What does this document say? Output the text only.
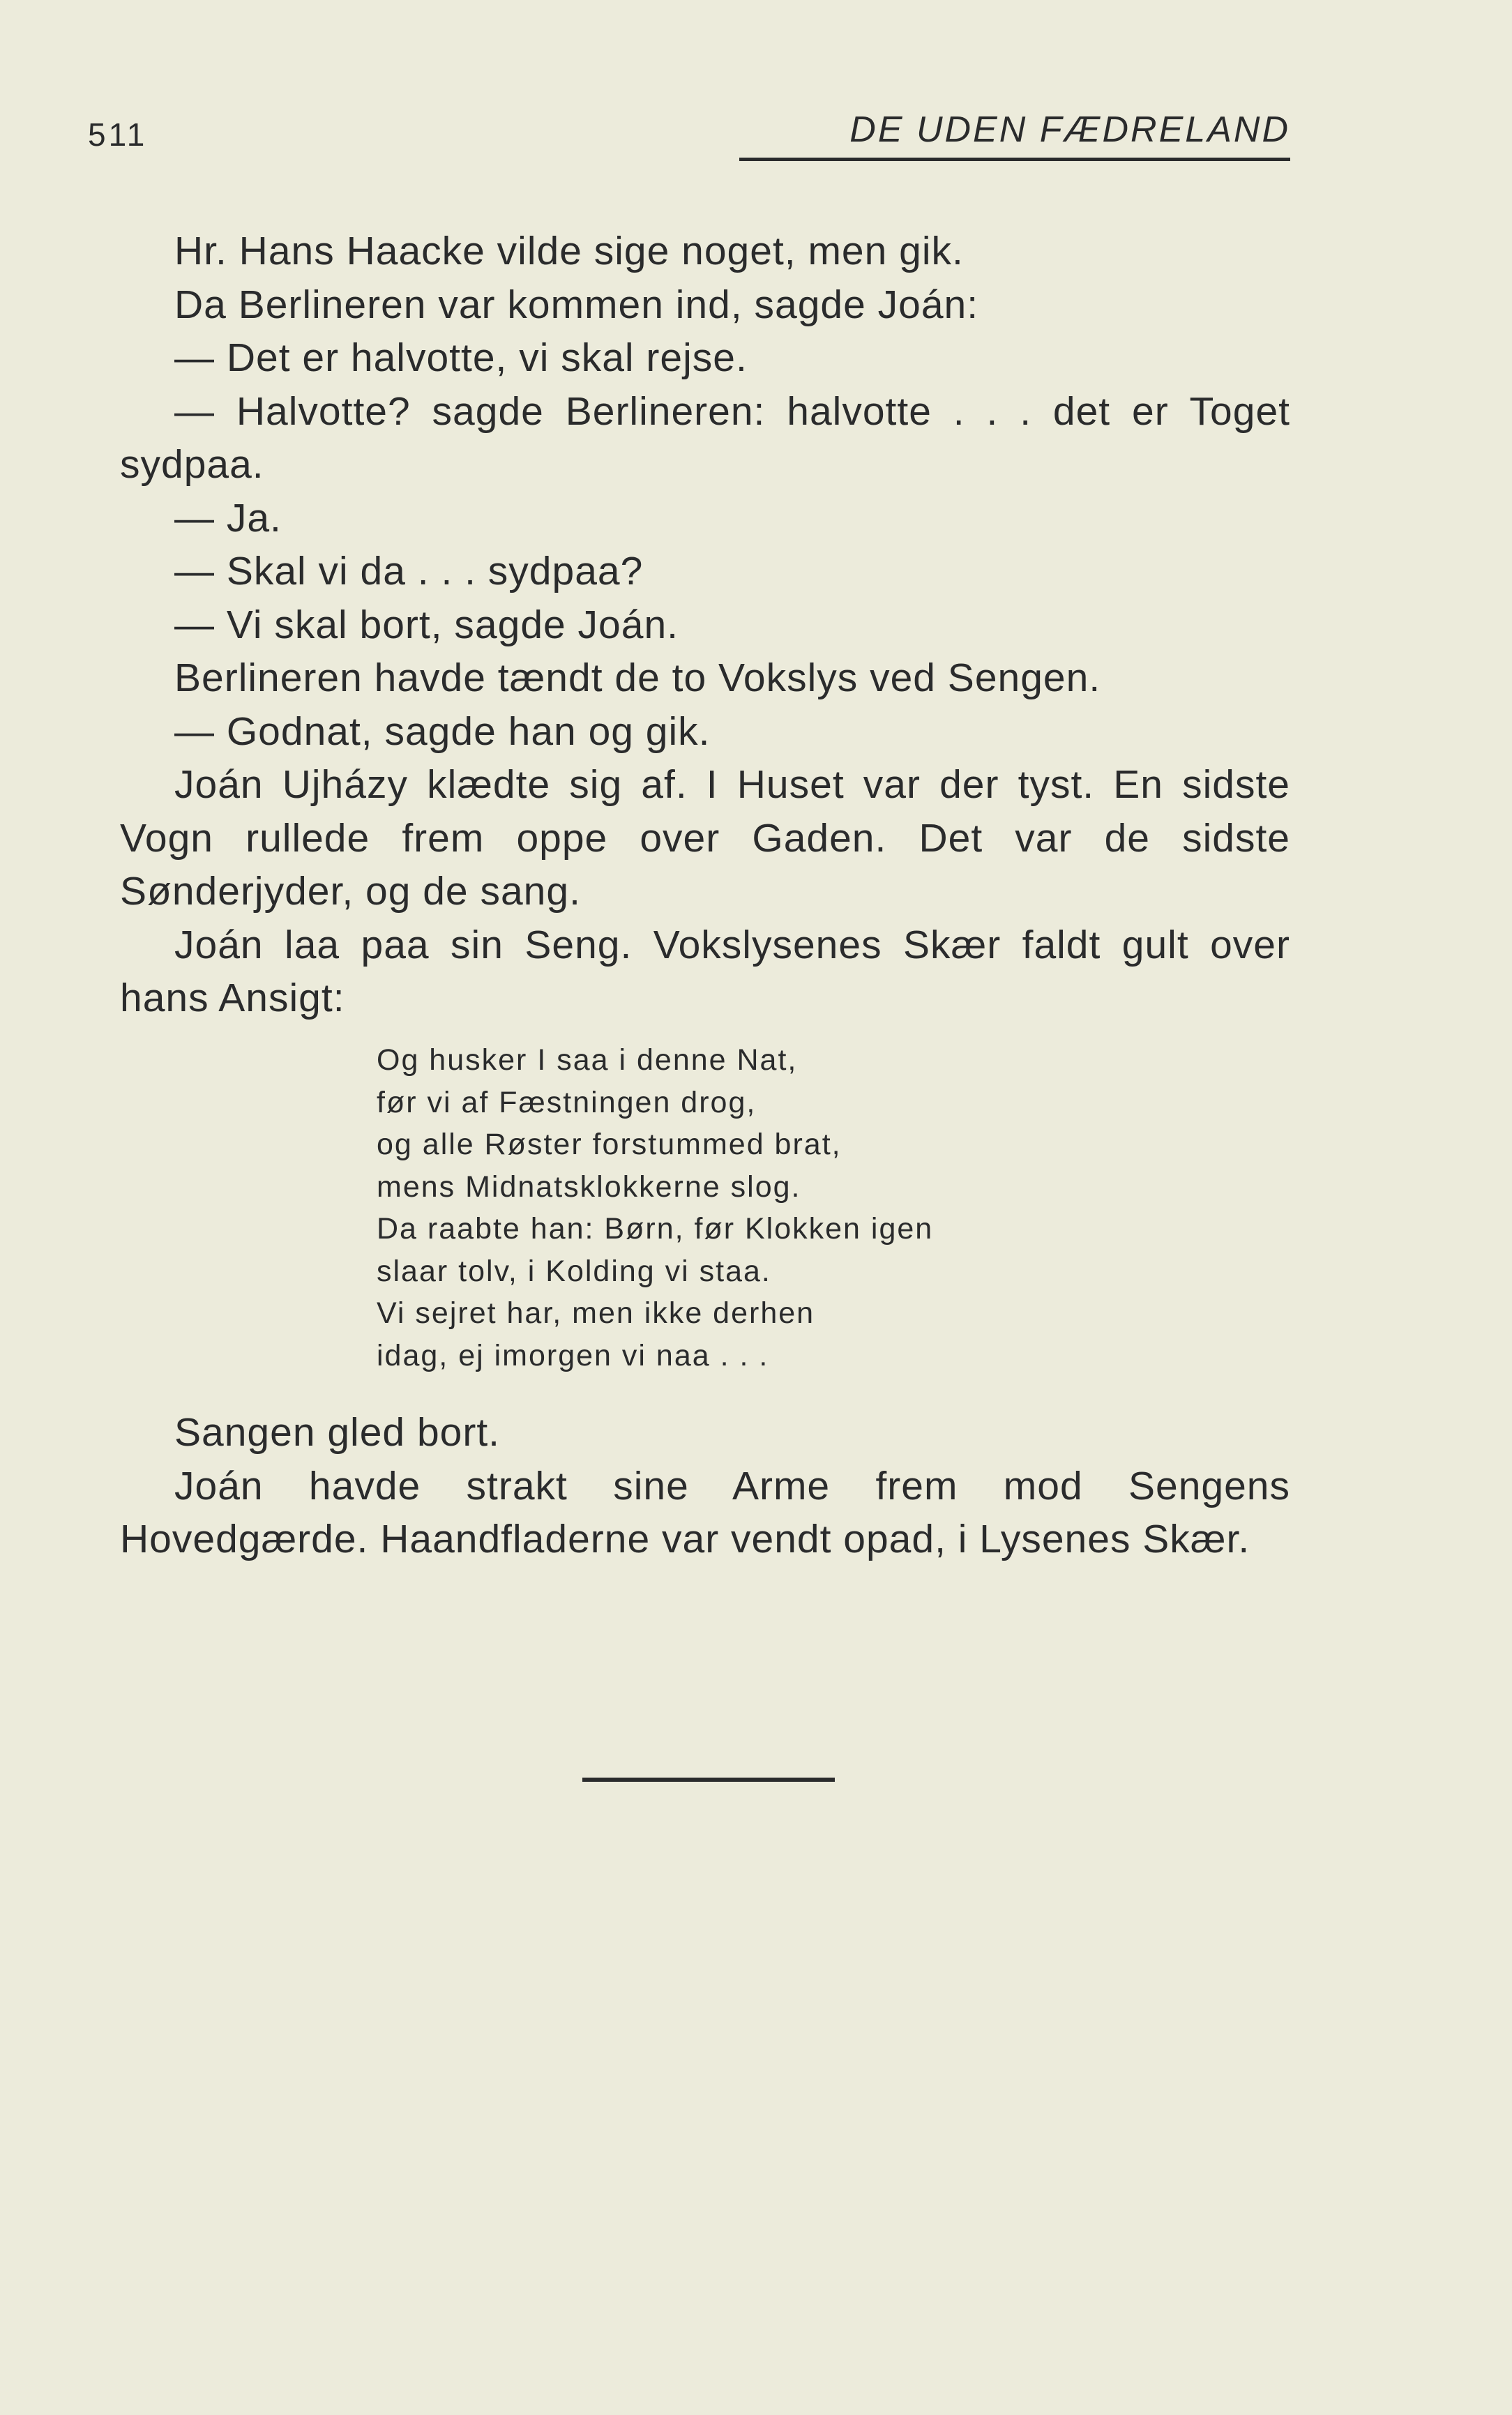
511	DE UDEN FÆDRELAND

Hr. Hans Haacke vilde sige noget, men gik.

Da Berlineren var kommen ind, sagde Joán:

— Det er halvotte, vi skal rejse.

— Halvotte? sagde Berlineren: halvotte . . . det er Toget sydpaa.

— Ja.

— Skal vi da . . . sydpaa?

— Vi skal bort, sagde Joán.

Berlineren havde tændt de to Vokslys ved Sengen.

— Godnat, sagde han og gik.

Joán Ujházy klædte sig af. I Huset var der tyst. En sidste Vogn rullede frem oppe over Gaden. Det var de sidste Sønderjyder, og de sang.

Joán laa paa sin Seng. Vokslysenes Skær faldt gult over hans Ansigt:

Og husker I saa i denne Nat,
før vi af Fæstningen drog,
og alle Røster forstummed brat,
mens Midnatsklokkerne slog.
Da raabte han: Børn, før Klokken igen
slaar tolv, i Kolding vi staa.
Vi sejret har, men ikke derhen
idag, ej imorgen vi naa . . .

Sangen gled bort.

Joán havde strakt sine Arme frem mod Sengens Hovedgærde. Haandfladerne var vendt opad, i Lysenes Skær.
